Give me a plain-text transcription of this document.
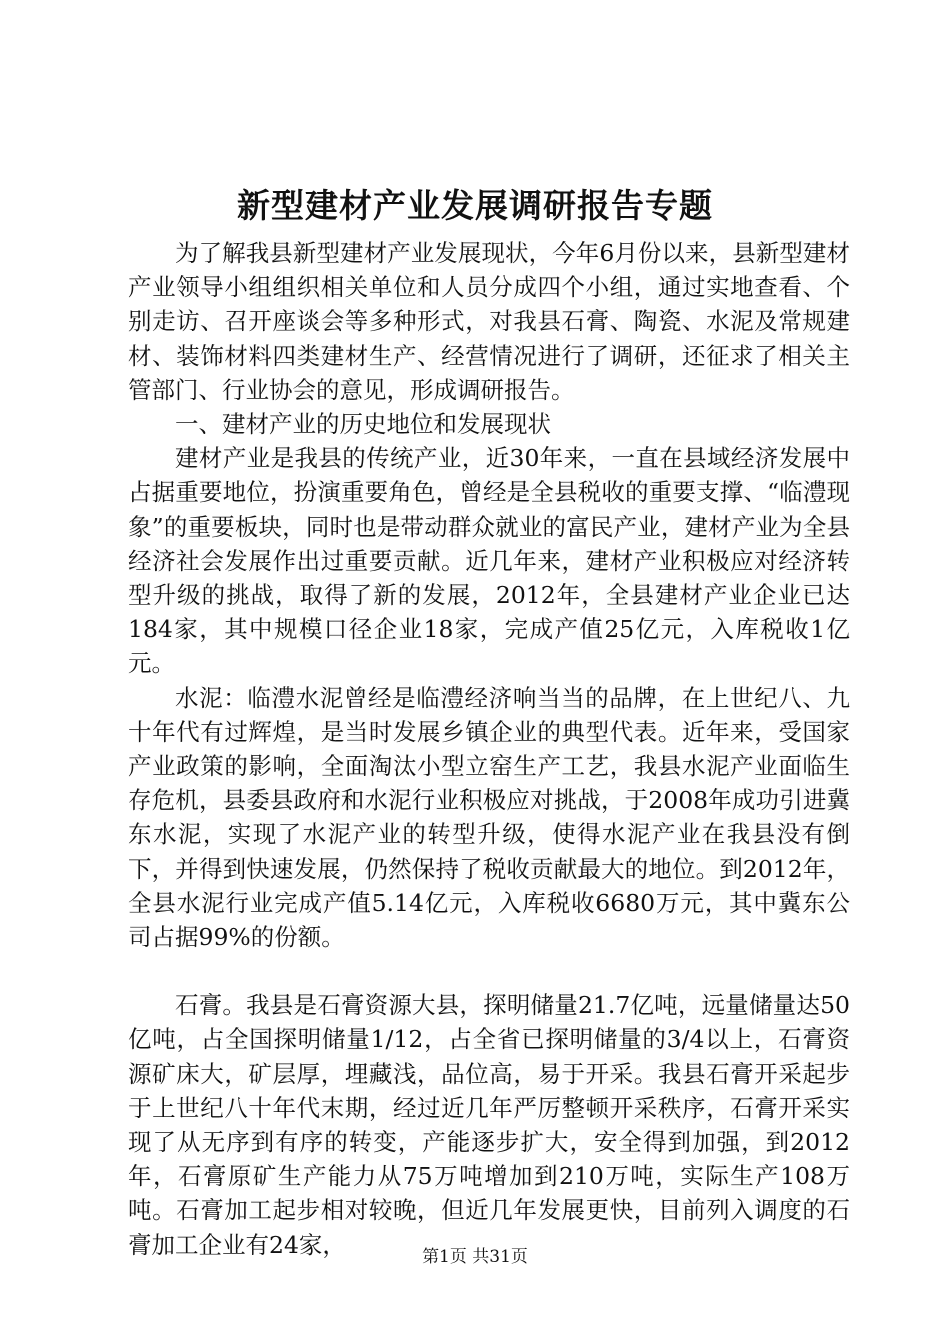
新型建材产业发展调研报告专题

为了解我县新型建材产业发展现状，今年6月份以来，县新型建材产业领导小组组织相关单位和人员分成四个小组，通过实地查看、个别走访、召开座谈会等多种形式，对我县石膏、陶瓷、水泥及常规建材、装饰材料四类建材生产、经营情况进行了调研，还征求了相关主管部门、行业协会的意见，形成调研报告。

一、建材产业的历史地位和发展现状

建材产业是我县的传统产业，近30年来，一直在县域经济发展中占据重要地位，扮演重要角色，曾经是全县税收的重要支撑、“临澧现象”的重要板块，同时也是带动群众就业的富民产业，建材产业为全县经济社会发展作出过重要贡献。近几年来，建材产业积极应对经济转型升级的挑战，取得了新的发展，2012年，全县建材产业企业已达184家，其中规模口径企业18家，完成产值25亿元，入库税收1亿元。

水泥：临澧水泥曾经是临澧经济响当当的品牌，在上世纪八、九十年代有过辉煌，是当时发展乡镇企业的典型代表。近年来，受国家产业政策的影响，全面淘汰小型立窑生产工艺，我县水泥产业面临生存危机，县委县政府和水泥行业积极应对挑战，于2008年成功引进冀东水泥，实现了水泥产业的转型升级，使得水泥产业在我县没有倒下，并得到快速发展，仍然保持了税收贡献最大的地位。到2012年，全县水泥行业完成产值5.14亿元，入库税收6680万元，其中冀东公司占据99%的份额。

石膏。我县是石膏资源大县，探明储量21.7亿吨，远量储量达50亿吨，占全国探明储量1/12，占全省已探明储量的3/4以上，石膏资源矿床大，矿层厚，埋藏浅，品位高，易于开采。我县石膏开采起步于上世纪八十年代末期，经过近几年严厉整顿开采秩序，石膏开采实现了从无序到有序的转变，产能逐步扩大，安全得到加强，到2012年，石膏原矿生产能力从75万吨增加到210万吨，实际生产108万吨。石膏加工起步相对较晚，但近几年发展更快，目前列入调度的石膏加工企业有24家，	第1页 共31页
